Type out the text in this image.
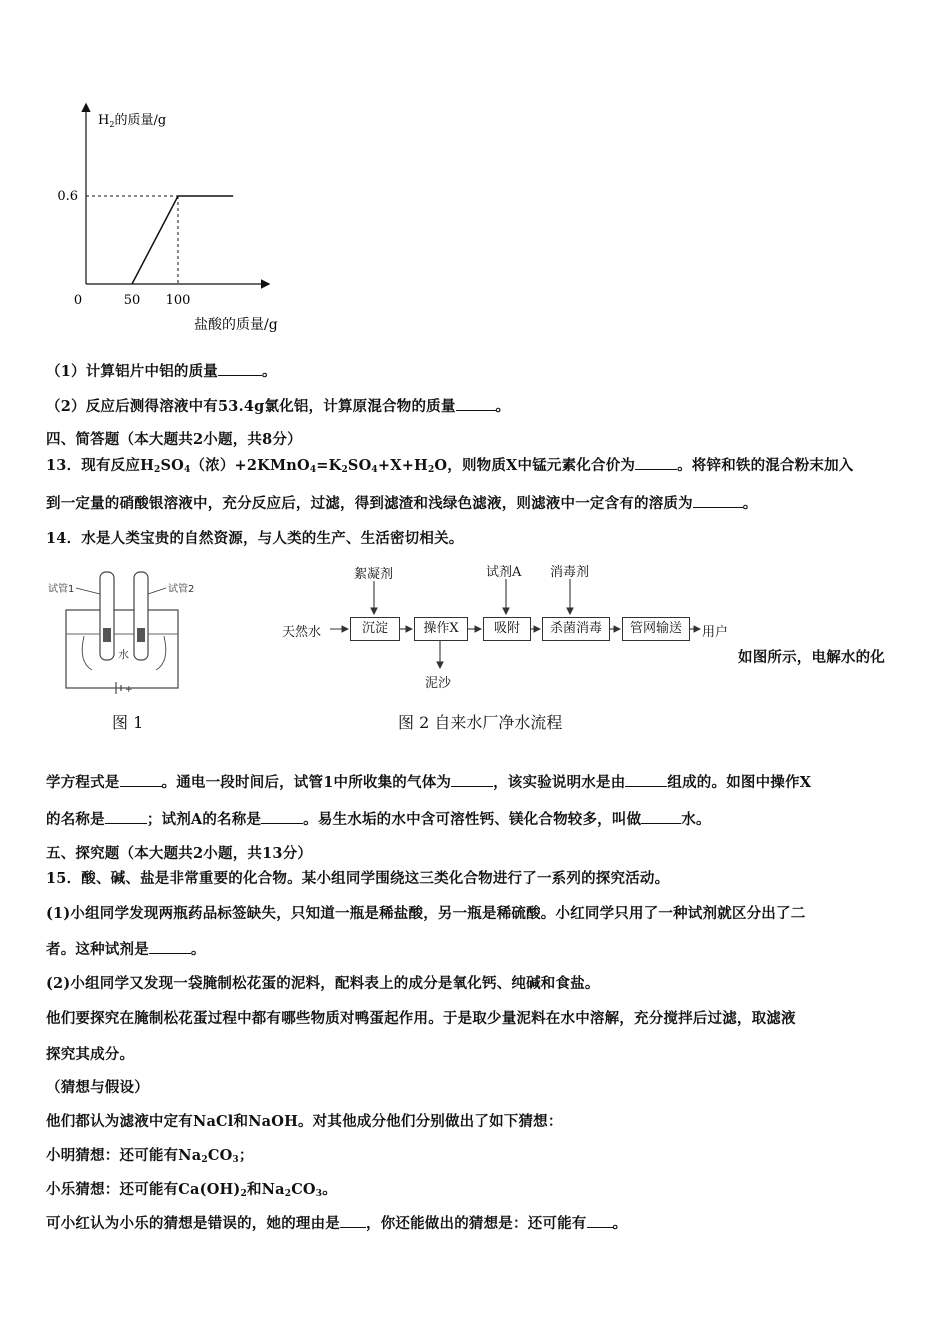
$H_2$的质量/g
0.6
0	50 100
盐酸的质量/g
（1）计算铝片中铝的质量	。
（2）反应后测得溶液中有53.4g氯化铝，计算原混合物的质量	。
四、简答题（本大题共2小题，共8分）
13．现有反应$H_2SO_4$（浓）$+2KMnO_4=K_2SO_4+X+H_2O$，则物质X中锰元素化合价为	。将锌和铁的混合粉末加入
到一定量的硝酸银溶液中，充分反应后，过滤，得到滤渣和浅绿色滤液，则滤液中一定含有的溶质为	。
14．水是人类宝贵的自然资源，与人类的生产、生活密切相关。
试管1	试管2
水
+
图 1
天然水	沉淀	操作X	吸附	杀菌消毒	管网输送	用户
絮凝剂	试剂A 消毒剂
泥沙
图 2 自来水厂净水流程
如图所示，电解水的化
学方程式是	。通电一段时间后，试管1中所收集的气体为	，该实验说明水是由	组成的。如图中操作X
的名称是	；试剂A的名称是	。易生水垢的水中含可溶性钙、镁化合物较多，叫做	水。
五、探究题（本大题共2小题，共13分）
15．酸、碱、盐是非常重要的化合物。某小组同学围绕这三类化合物进行了一系列的探究活动。
(1)小组同学发现两瓶药品标签缺失，只知道一瓶是稀盐酸，另一瓶是稀硫酸。小红同学只用了一种试剂就区分出了二
者。这种试剂是	。
(2)小组同学又发现一袋腌制松花蛋的泥料，配料表上的成分是氧化钙、纯碱和食盐。
他们要探究在腌制松花蛋过程中都有哪些物质对鸭蛋起作用。于是取少量泥料在水中溶解，充分搅拌后过滤，取滤液
探究其成分。
（猜想与假设）
他们都认为滤液中定有NaCl和NaOH。对其他成分他们分别做出了如下猜想：
小明猜想：还可能有$Na_2CO_3$；
小乐猜想：还可能有$Ca(OH)_2$和$Na_2CO_3$。
可小红认为小乐的猜想是错误的，她的理由是 ，你还能做出的猜想是：还可能有 。
